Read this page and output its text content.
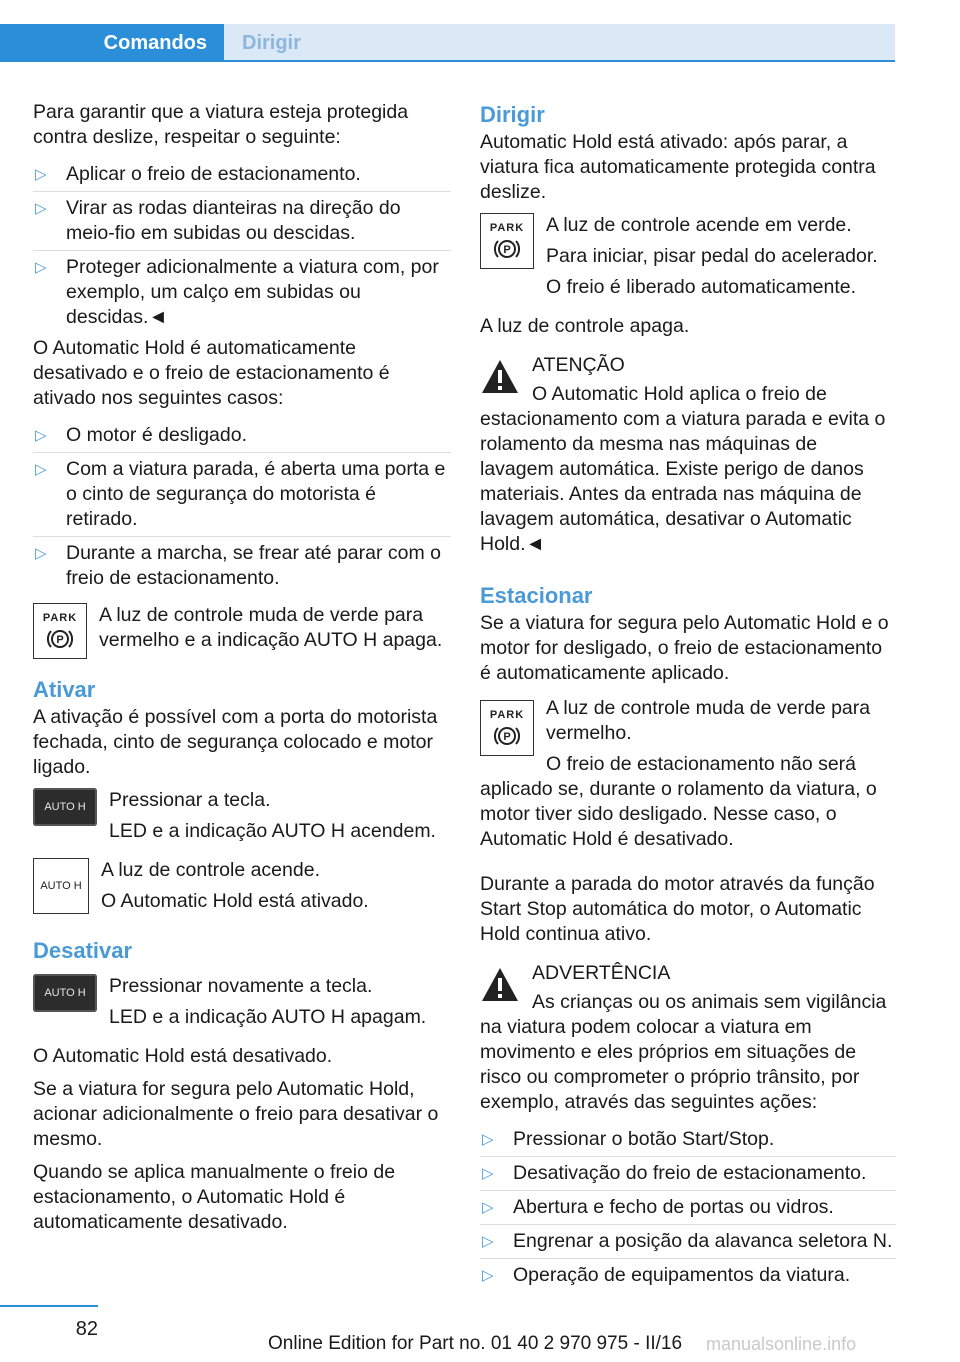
Comandos	Dirigir

Para garantir que a viatura esteja protegida contra deslize, respeitar o seguinte:

▷ Aplicar o freio de estacionamento.
▷ Virar as rodas dianteiras na direção do meio-fio em subidas ou descidas.
▷ Proteger adicionalmente a viatura com, por exemplo, um calço em subidas ou descidas.◄

O Automatic Hold é automaticamente desativado e o freio de estacionamento é ativado nos seguintes casos:

▷ O motor é desligado.
▷ Com a viatura parada, é aberta uma porta e o cinto de segurança do motorista é retirado.
▷ Durante a marcha, se frear até parar com o freio de estacionamento.
PARK
P

A luz de controle muda de verde para vermelho e a indicação AUTO H apaga.

Ativar

A ativação é possível com a porta do motorista fechada, cinto de segurança colocado e motor ligado.

AUTO H	Pressionar a tecla.

LED e a indicação AUTO H acendem.

AUTO H

A luz de controle acende.

O Automatic Hold está ativado.

Desativar
AUTO H	Pressionar novamente a tecla.

LED e a indicação AUTO H apagam.

O Automatic Hold está desativado.

Se a viatura for segura pelo Automatic Hold, acionar adicionalmente o freio para desativar o mesmo.

Quando se aplica manualmente o freio de estacionamento, o Automatic Hold é automaticamente desativado.

Dirigir

Automatic Hold está ativado: após parar, a viatura fica automaticamente protegida contra deslize.

PARK
P

A luz de controle acende em verde.

Para iniciar, pisar pedal do acelerador.

O freio é liberado automaticamente.

A luz de controle apaga.

ATENÇÃO

O Automatic Hold aplica o freio de estacionamento com a viatura parada e evita o rolamento da mesma nas máquinas de lavagem automática. Existe perigo de danos materiais. Antes da entrada nas máquina de lavagem automática, desativar o Automatic Hold.◄

Estacionar

Se a viatura for segura pelo Automatic Hold e o motor for desligado, o freio de estacionamento é automaticamente aplicado.

PARK
P

A luz de controle muda de verde para vermelho.

O freio de estacionamento não será aplicado se, durante o rolamento da viatura, o motor tiver sido desligado. Nesse caso, o Automatic Hold é desativado.

Durante a parada do motor através da função Start Stop automática do motor, o Automatic Hold continua ativo.

ADVERTÊNCIA

As crianças ou os animais sem vigilância na viatura podem colocar a viatura em movimento e eles próprios em situações de risco ou comprometer o próprio trânsito, por exemplo, através das seguintes ações:

▷ Pressionar o botão Start/Stop.
▷ Desativação do freio de estacionamento.
▷ Abertura e fecho de portas ou vidros.
▷ Engrenar a posição da alavanca seletora N.
▷ Operação de equipamentos da viatura.
82
Online Edition for Part no. 01 40 2 970 975 - II/16 manualsonline.info
